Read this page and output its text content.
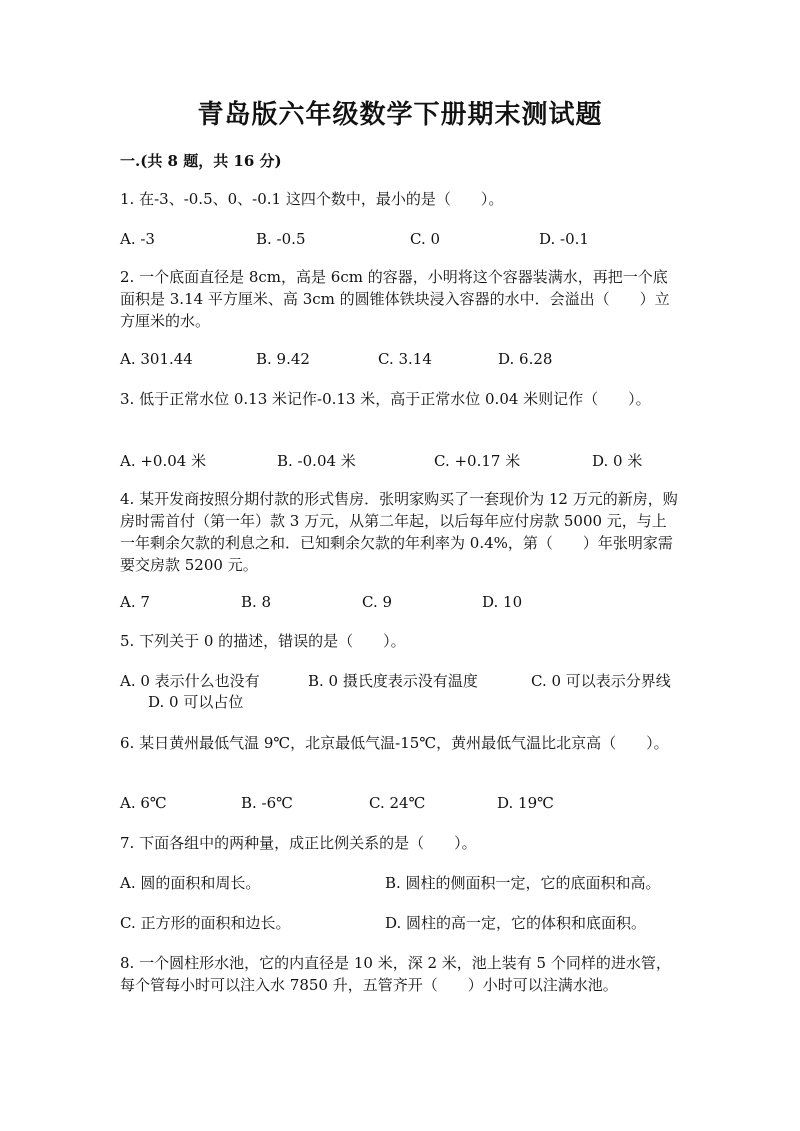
青岛版六年级数学下册期末测试题
一.(共 8 题，共 16 分)
1. 在-3、-0.5、0、-0.1 这四个数中，最小的是（　　）。
A. -3	B. -0.5	C. 0	D. -0.1
2. 一个底面直径是 8cm，高是 6cm 的容器，小明将这个容器装满水，再把一个底面积是 3.14 平方厘米、高 3cm 的圆锥体铁块浸入容器的水中．会溢出（　　）立方厘米的水。
A. 301.44	B. 9.42	C. 3.14	D. 6.28
3. 低于正常水位 0.13 米记作-0.13 米，高于正常水位 0.04 米则记作（　　）。
A. +0.04 米	B. -0.04 米	C. +0.17 米	D. 0 米
4. 某开发商按照分期付款的形式售房．张明家购买了一套现价为 12 万元的新房，购房时需首付（第一年）款 3 万元，从第二年起，以后每年应付房款 5000 元，与上一年剩余欠款的利息之和．已知剩余欠款的年利率为 0.4%，第（　　）年张明家需要交房款 5200 元。
A. 7	B. 8	C. 9	D. 10
5. 下列关于 0 的描述，错误的是（　　）。
A. 0 表示什么也没有	B. 0 摄氏度表示没有温度	C. 0 可以表示分界线
D. 0 可以占位
6. 某日黄州最低气温 9℃，北京最低气温-15℃，黄州最低气温比北京高（　　）。
A. 6℃	B. -6℃	C. 24℃	D. 19℃
7. 下面各组中的两种量，成正比例关系的是（　　）。
A. 圆的面积和周长。	B. 圆柱的侧面积一定，它的底面积和高。
C. 正方形的面积和边长。	D. 圆柱的高一定，它的体积和底面积。
8. 一个圆柱形水池，它的内直径是 10 米，深 2 米，池上装有 5 个同样的进水管，每个管每小时可以注入水 7850 升，五管齐开（　　）小时可以注满水池。
